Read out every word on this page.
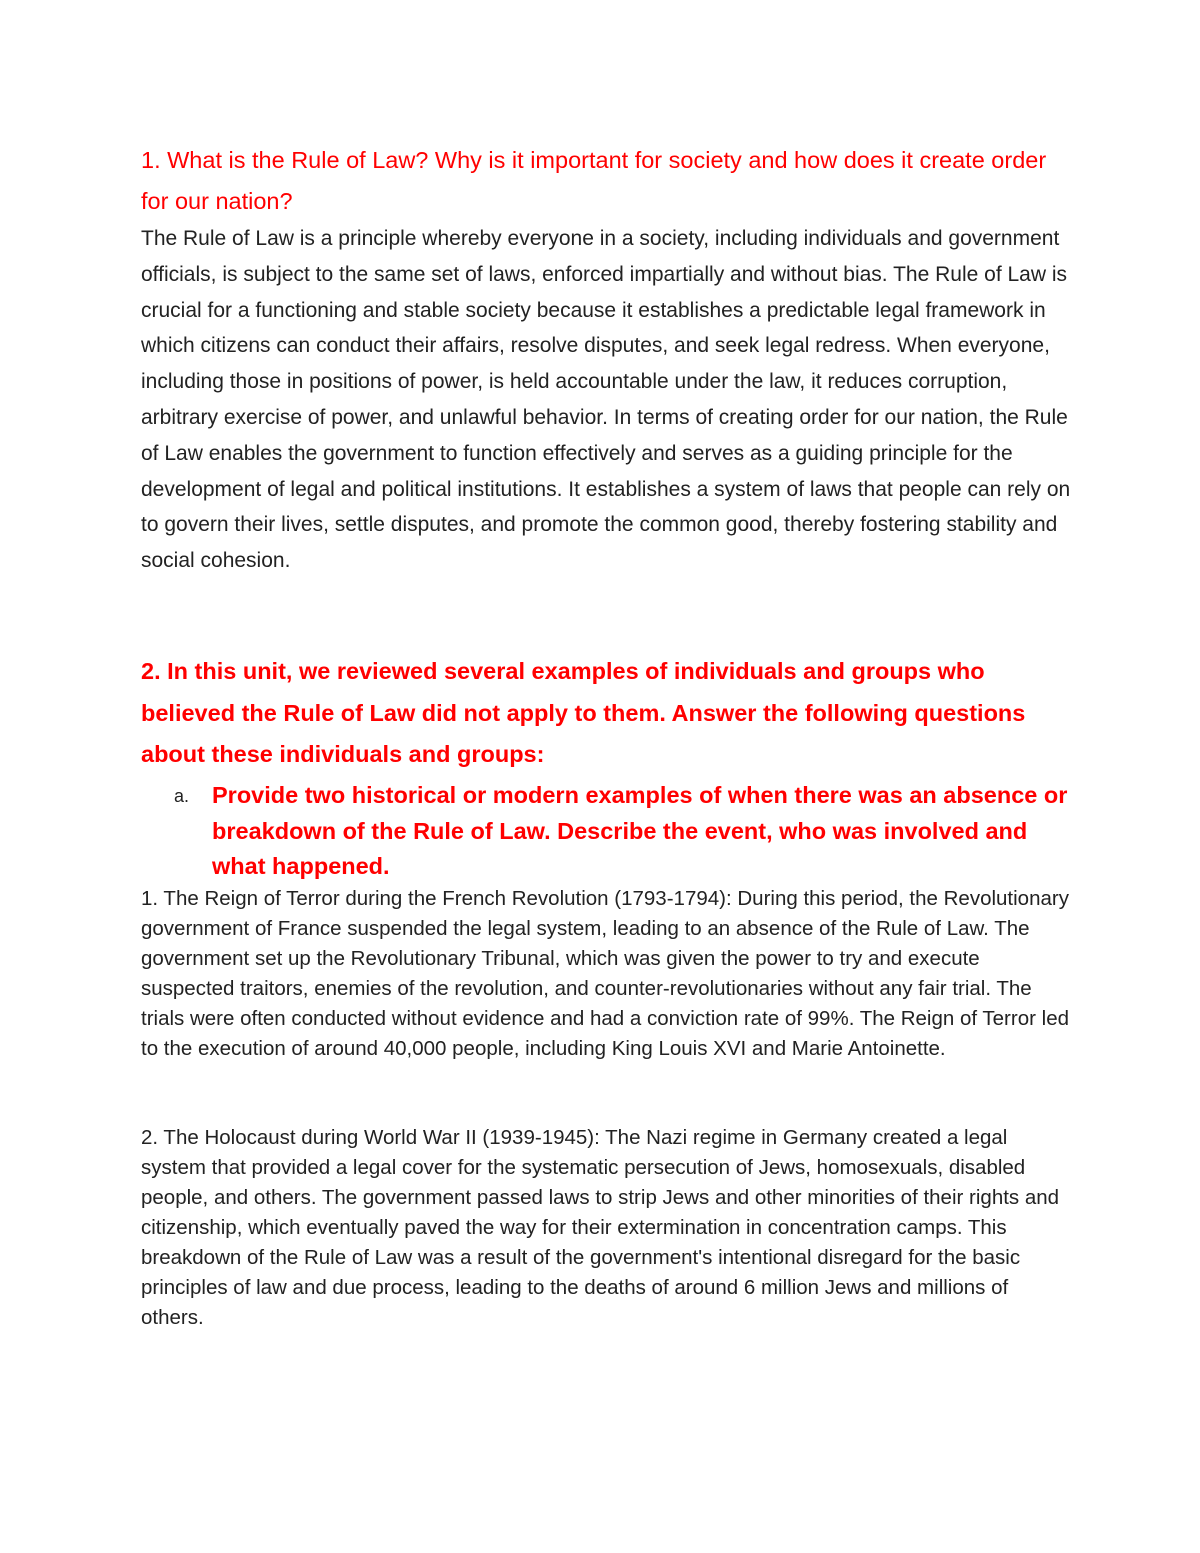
1. What is the Rule of Law? Why is it important for society and how does it create order for our nation?

The Rule of Law is a principle whereby everyone in a society, including individuals and government officials, is subject to the same set of laws, enforced impartially and without bias. The Rule of Law is crucial for a functioning and stable society because it establishes a predictable legal framework in which citizens can conduct their affairs, resolve disputes, and seek legal redress. When everyone, including those in positions of power, is held accountable under the law, it reduces corruption, arbitrary exercise of power, and unlawful behavior. In terms of creating order for our nation, the Rule of Law enables the government to function effectively and serves as a guiding principle for the development of legal and political institutions. It establishes a system of laws that people can rely on to govern their lives, settle disputes, and promote the common good, thereby fostering stability and social cohesion.

2. In this unit, we reviewed several examples of individuals and groups who believed the Rule of Law did not apply to them. Answer the following questions about these individuals and groups:

a. Provide two historical or modern examples of when there was an absence or breakdown of the Rule of Law. Describe the event, who was involved and what happened.

1. The Reign of Terror during the French Revolution (1793-1794): During this period, the Revolutionary government of France suspended the legal system, leading to an absence of the Rule of Law. The government set up the Revolutionary Tribunal, which was given the power to try and execute suspected traitors, enemies of the revolution, and counter-revolutionaries without any fair trial. The trials were often conducted without evidence and had a conviction rate of 99%. The Reign of Terror led to the execution of around 40,000 people, including King Louis XVI and Marie Antoinette.

2. The Holocaust during World War II (1939-1945): The Nazi regime in Germany created a legal system that provided a legal cover for the systematic persecution of Jews, homosexuals, disabled people, and others. The government passed laws to strip Jews and other minorities of their rights and citizenship, which eventually paved the way for their extermination in concentration camps. This breakdown of the Rule of Law was a result of the government's intentional disregard for the basic principles of law and due process, leading to the deaths of around 6 million Jews and millions of others.
